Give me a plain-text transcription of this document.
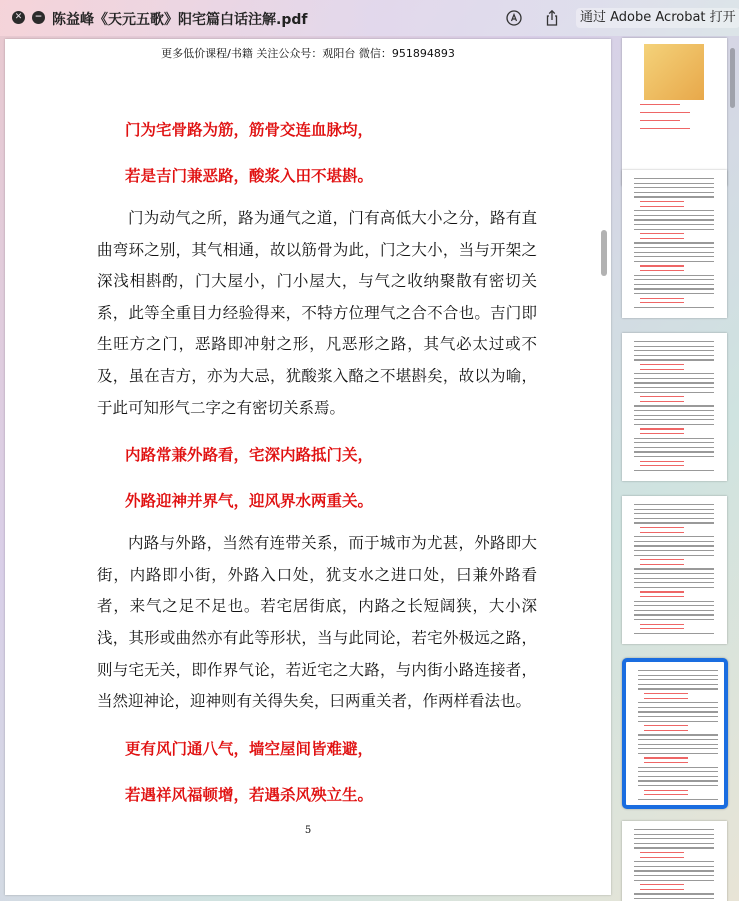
✕	− 陈益峰《天元五歌》阳宅篇白话注解.pdf	通过 Adobe Acrobat 打开
更多低价课程/书籍 关注公众号：观阳台 微信：951894893

门为宅骨路为筋，筋骨交连血脉均，

若是吉门兼恶路，酸浆入田不堪斟。

门为动气之所，路为通气之道，门有高低大小之分，路有直曲弯环之别，其气相通，故以筋骨为此，门之大小，当与开架之深浅相斟酌，门大屋小，门小屋大，与气之收纳聚散有密切关系，此等全重目力经验得来，不特方位理气之合不合也。吉门即生旺方之门，恶路即冲射之形，凡恶形之路，其气必太过或不及，虽在吉方，亦为大忌，犹酸浆入酪之不堪斟矣，故以为喻，于此可知形气二字之有密切关系焉。

内路常兼外路看，宅深内路抵门关，

外路迎神并界气，迎风界水两重关。

内路与外路，当然有连带关系，而于城市为尤甚，外路即大街，内路即小街，外路入口处，犹支水之进口处，曰兼外路看者，来气之足不足也。若宅居街底，内路之长短阔狭，大小深浅，其形或曲然亦有此等形状，当与此同论，若宅外极远之路，则与宅无关，即作界气论，若近宅之大路，与内街小路连接者，当然迎神论，迎神则有关得失矣，曰两重关者，作两样看法也。

更有风门通八气，墙空屋间皆难避，

若遇祥风福顿增，若遇杀风殃立生。

5
